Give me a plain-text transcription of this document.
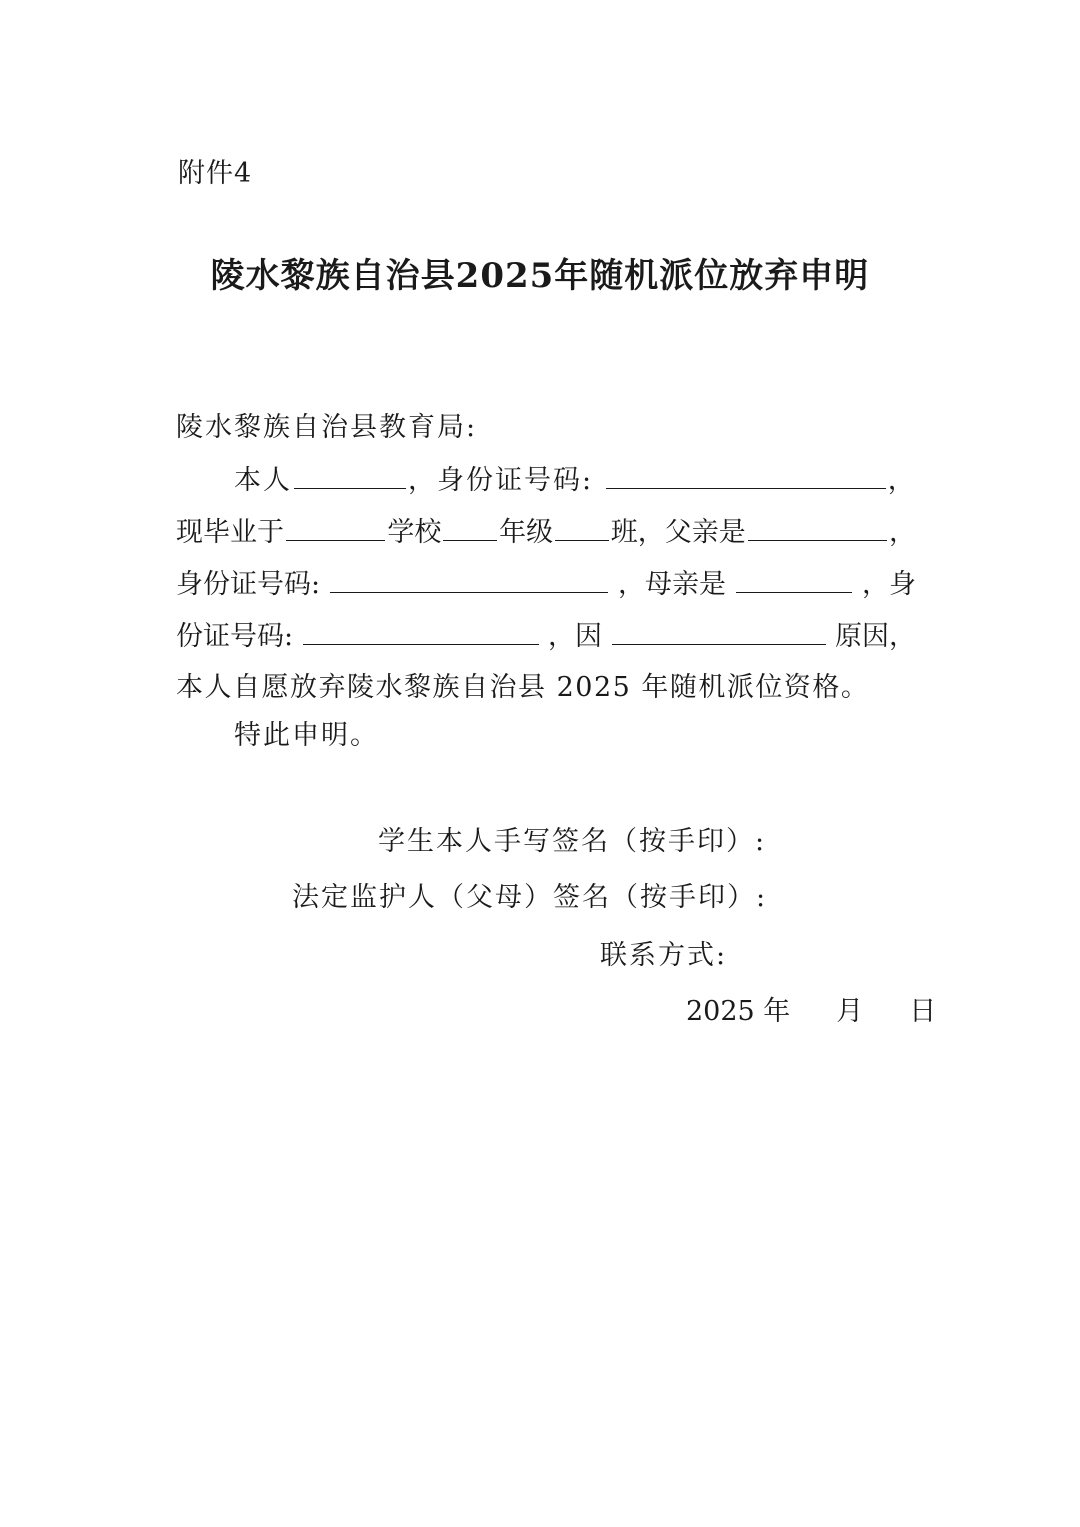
附件4
陵水黎族自治县2025年随机派位放弃申明
陵水黎族自治县教育局:
本人	，身份证号码:	，
现毕业于	学校 年级 班，父亲是	，
身份证号码:	，母亲是	，身
份证号码:	，因	原因，
本人自愿放弃陵水黎族自治县 2025 年随机派位资格。
特此申明。
学生本人手写签名（按手印）:
法定监护人（父母）签名（按手印）:
联系方式:
2025 年 月 日
